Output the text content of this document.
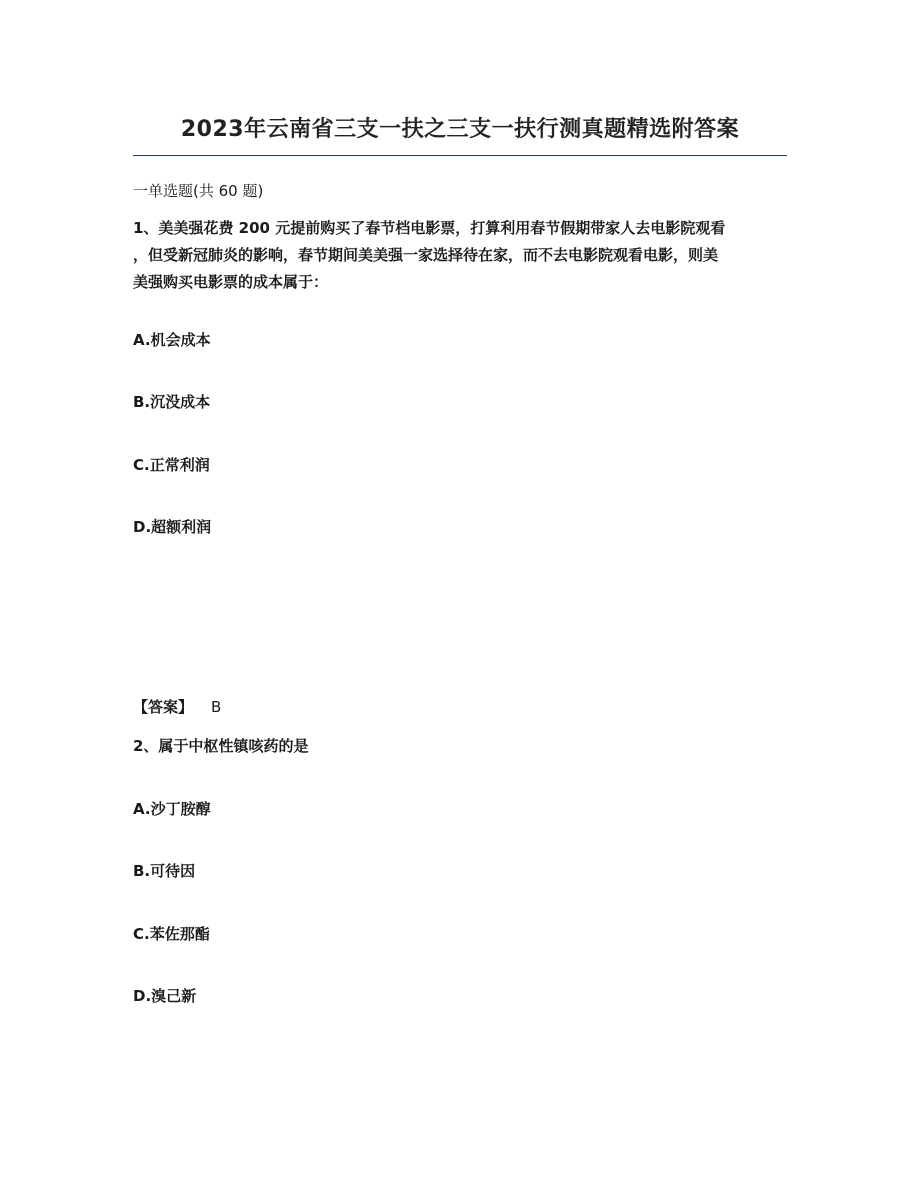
2023年云南省三支一扶之三支一扶行测真题精选附答案
一单选题(共 60 题)
1、美美强花费 200 元提前购买了春节档电影票，打算利用春节假期带家人去电影院观看
，但受新冠肺炎的影响，春节期间美美强一家选择待在家，而不去电影院观看电影，则美
美强购买电影票的成本属于：
A.机会成本
B.沉没成本
C.正常利润
D.超额利润
【答案】 B
2、属于中枢性镇咳药的是
A.沙丁胺醇
B.可待因
C.苯佐那酯
D.溴己新
